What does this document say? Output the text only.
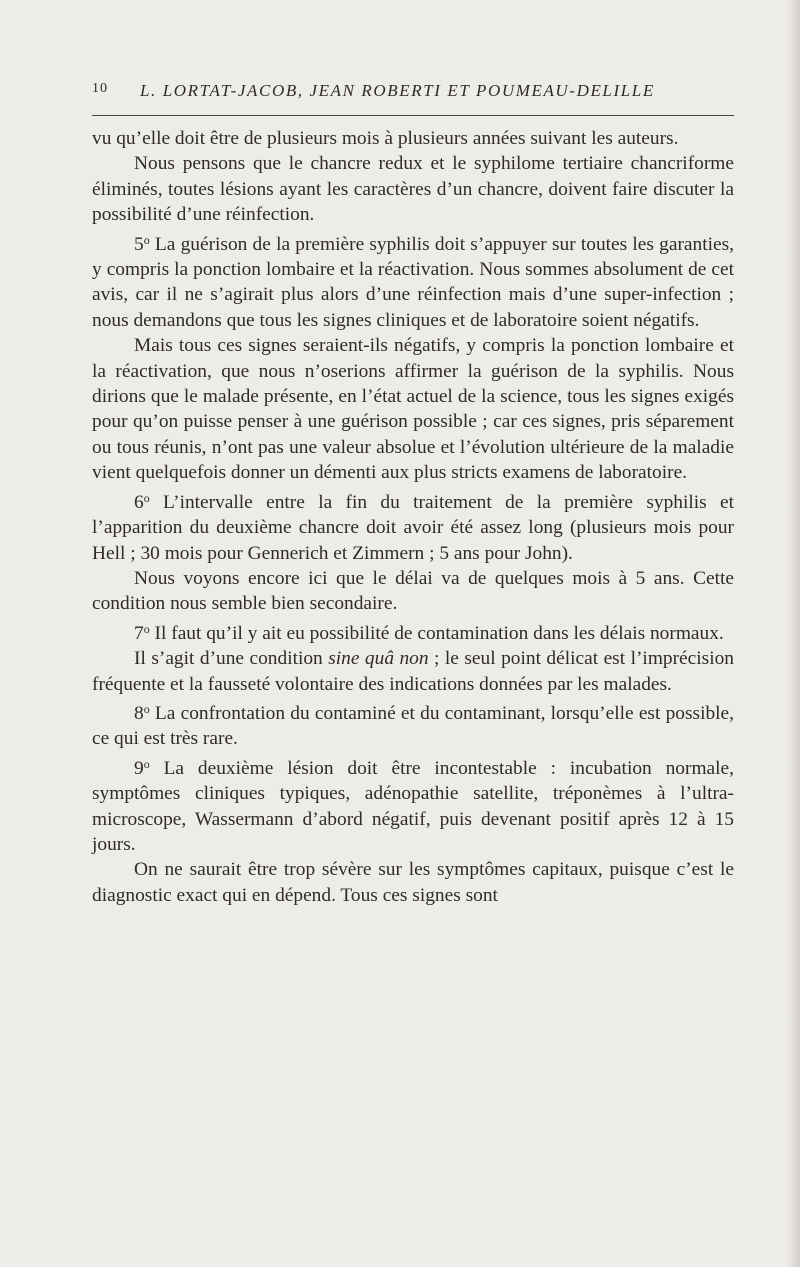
10 L. LORTAT-JACOB, JEAN ROBERTI ET POUMEAU-DELILLE

vu qu’elle doit être de plusieurs mois à plusieurs années suivant les auteurs.

Nous pensons que le chancre redux et le syphilome tertiaire chancriforme éliminés, toutes lésions ayant les caractères d’un chancre, doivent faire discuter la possibilité d’une réinfection.

5$^o$ La guérison de la première syphilis doit s’appuyer sur toutes les garanties, y compris la ponction lombaire et la réactivation. Nous sommes absolument de cet avis, car il ne s’agirait plus alors d’une réinfection mais d’une super-infection ; nous demandons que tous les signes cliniques et de laboratoire soient négatifs.

Mais tous ces signes seraient-ils négatifs, y compris la ponction lombaire et la réactivation, que nous n’oserions affirmer la guérison de la syphilis. Nous dirions que le malade présente, en l’état actuel de la science, tous les signes exigés pour qu’on puisse penser à une guérison possible ; car ces signes, pris séparement ou tous réunis, n’ont pas une valeur absolue et l’évolution ultérieure de la maladie vient quelquefois donner un démenti aux plus stricts examens de laboratoire.

6$^o$ L’intervalle entre la fin du traitement de la première syphilis et l’apparition du deuxième chancre doit avoir été assez long (plusieurs mois pour Hell ; 30 mois pour Gennerich et Zimmern ; 5 ans pour John).

Nous voyons encore ici que le délai va de quelques mois à 5 ans. Cette condition nous semble bien secondaire.

7$^o$ Il faut qu’il y ait eu possibilité de contamination dans les délais normaux.

Il s’agit d’une condition sine quâ non ; le seul point délicat est l’imprécision fréquente et la fausseté volontaire des indications données par les malades.

8$^o$ La confrontation du contaminé et du contaminant, lorsqu’elle est possible, ce qui est très rare.

9$^o$ La deuxième lésion doit être incontestable : incubation normale, symptômes cliniques typiques, adénopathie satellite, tréponèmes à l’ultra-microscope, Wassermann d’abord négatif, puis devenant positif après 12 à 15 jours.

On ne saurait être trop sévère sur les symptômes capitaux, puisque c’est le diagnostic exact qui en dépend. Tous ces signes sont
